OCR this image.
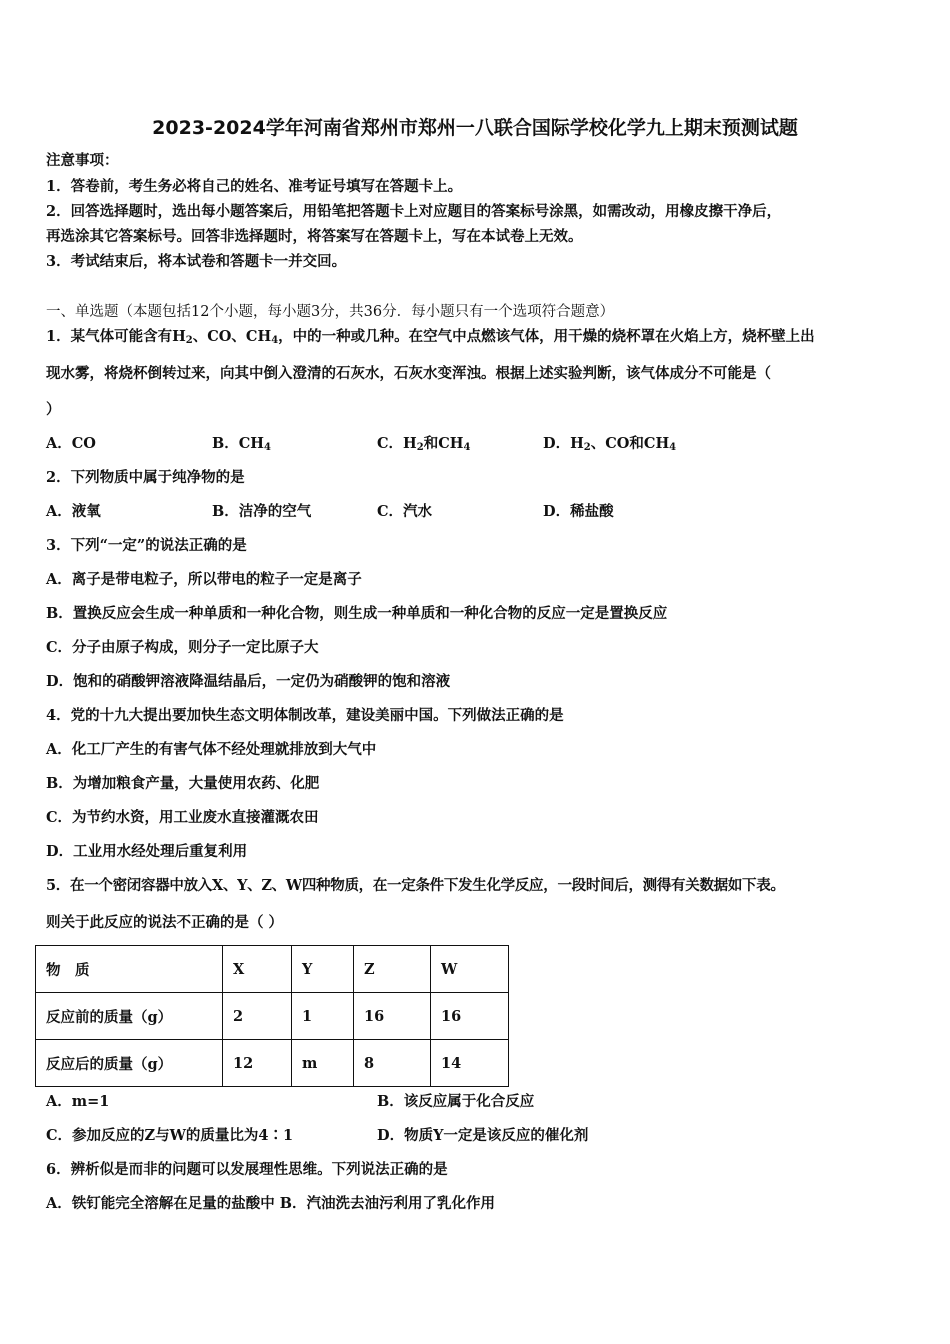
2023-2024学年河南省郑州市郑州一八联合国际学校化学九上期末预测试题
注意事项：
1．答卷前，考生务必将自己的姓名、准考证号填写在答题卡上。
2．回答选择题时，选出每小题答案后，用铅笔把答题卡上对应题目的答案标号涂黑，如需改动，用橡皮擦干净后，
再选涂其它答案标号。回答非选择题时，将答案写在答题卡上，写在本试卷上无效。
3．考试结束后，将本试卷和答题卡一并交回。
一、单选题（本题包括12个小题，每小题3分，共36分．每小题只有一个选项符合题意）
1．某气体可能含有$H_2$、CO、$CH_4$，中的一种或几种。在空气中点燃该气体，用干燥的烧杯罩在火焰上方，烧杯壁上出
现水雾，将烧杯倒转过来，向其中倒入澄清的石灰水，石灰水变浑浊。根据上述实验判断，该气体成分不可能是（
）
A．CO	B．$CH_4$	C．$H_2$和$CH_4$	D．$H_2$、CO和$CH_4$
2．下列物质中属于纯净物的是
A．液氧	B．洁净的空气	C．汽水	D．稀盐酸
3．下列“一定”的说法正确的是
A．离子是带电粒子，所以带电的粒子一定是离子
B．置换反应会生成一种单质和一种化合物，则生成一种单质和一种化合物的反应一定是置换反应
C．分子由原子构成，则分子一定比原子大
D．饱和的硝酸钾溶液降温结晶后，一定仍为硝酸钾的饱和溶液
4．党的十九大提出要加快生态文明体制改革，建设美丽中国。下列做法正确的是
A．化工厂产生的有害气体不经处理就排放到大气中
B．为增加粮食产量，大量使用农药、化肥
C．为节约水资，用工业废水直接灌溉农田
D．工业用水经处理后重复利用
5．在一个密闭容器中放入X、Y、Z、W四种物质，在一定条件下发生化学反应，一段时间后，测得有关数据如下表。
则关于此反应的说法不正确的是（ ）
物　质	X	Y	Z	W
反应前的质量（g）	2	1	16	16
反应后的质量（g）	12	m	8	14
A．m=1	B．该反应属于化合反应
C．参加反应的Z与W的质量比为4∶1	D．物质Y一定是该反应的催化剂
6．辨析似是而非的问题可以发展理性思维。下列说法正确的是
A．铁钉能完全溶解在足量的盐酸中 B．汽油洗去油污利用了乳化作用
